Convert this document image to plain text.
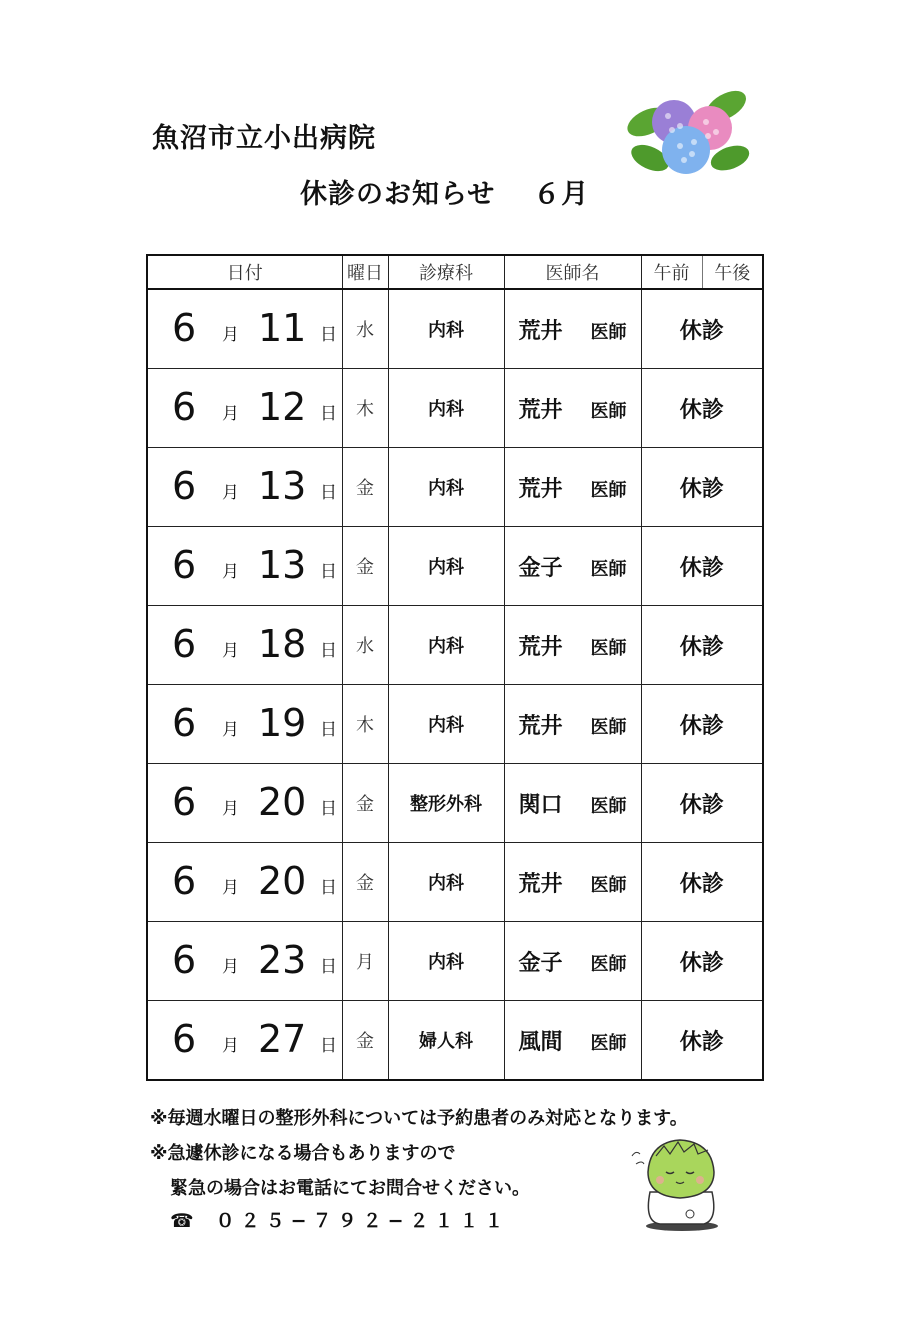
魚沼市立小出病院
休診のお知らせ ６月
日付	曜日	診療科	医師名	午前	午後

6 月 11 日	水	内科	荒井 医師	休診	

6 月 12 日	木	内科	荒井 医師	休診	

6 月 13 日	金	内科	荒井 医師	休診	

6 月 13 日	金	内科	金子 医師	休診	

6 月 18 日	水	内科	荒井 医師	休診	

6 月 19 日	木	内科	荒井 医師	休診	

6 月 20 日	金	整形外科	関口 医師	休診	

6 月 20 日	金	内科	荒井 医師	休診	

6 月 23 日	月	内科	金子 医師	休診	

6 月 27 日	金	婦人科	風間 医師	休診	
※毎週水曜日の整形外科については予約患者のみ対応となります。
※急遽休診になる場合もありますので
緊急の場合はお電話にてお問合せください。
☎ ０２５−７９２−２１１１
